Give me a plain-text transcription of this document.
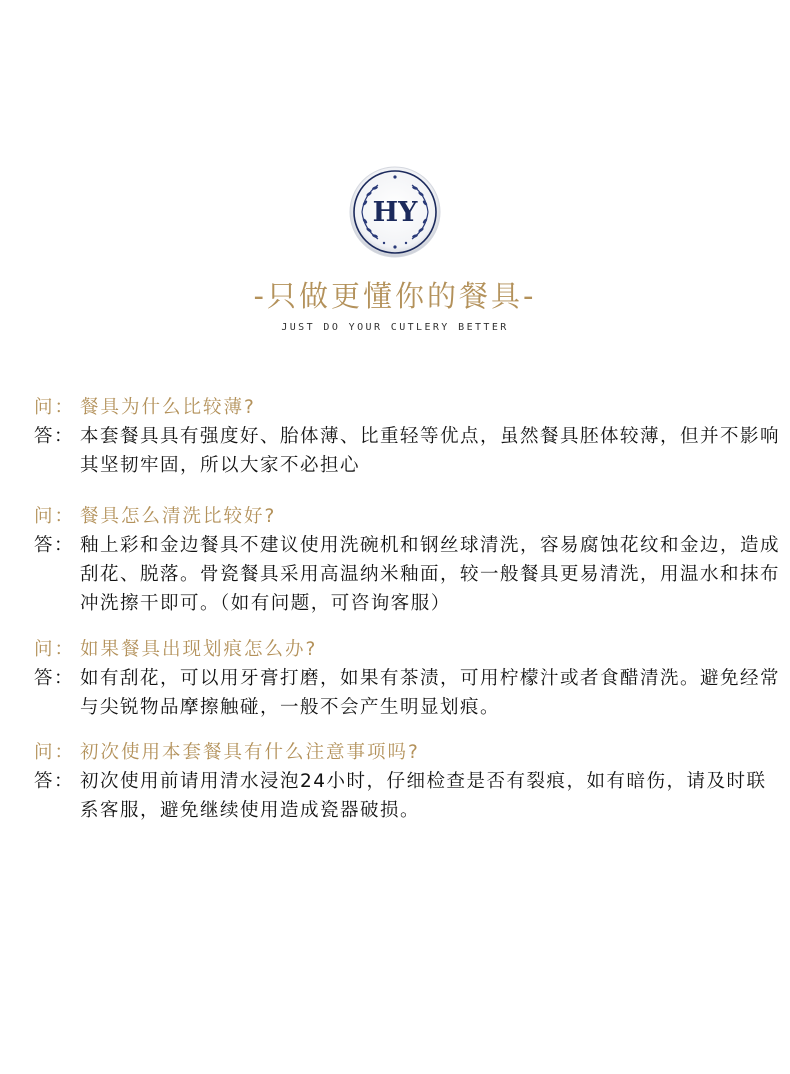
HY
-只做更懂你的餐具-
JUST DO YOUR CUTLERY BETTER
问： 餐具为什么比较薄?
答： 本套餐具具有强度好、胎体薄、比重轻等优点，虽然餐具胚体较薄，但并不影响其坚韧牢固，所以大家不必担心
问： 餐具怎么清洗比较好?
答： 釉上彩和金边餐具不建议使用洗碗机和钢丝球清洗，容易腐蚀花纹和金边，造成刮花、脱落。骨瓷餐具采用高温纳米釉面，较一般餐具更易清洗，用温水和抹布冲洗擦干即可。（如有问题，可咨询客服）
问： 如果餐具出现划痕怎么办?
答： 如有刮花，可以用牙膏打磨，如果有茶渍，可用柠檬汁或者食醋清洗。避免经常与尖锐物品摩擦触碰，一般不会产生明显划痕。
问： 初次使用本套餐具有什么注意事项吗?
答： 初次使用前请用清水浸泡24小时，仔细检查是否有裂痕，如有暗伤，请及时联系客服，避免继续使用造成瓷器破损。
